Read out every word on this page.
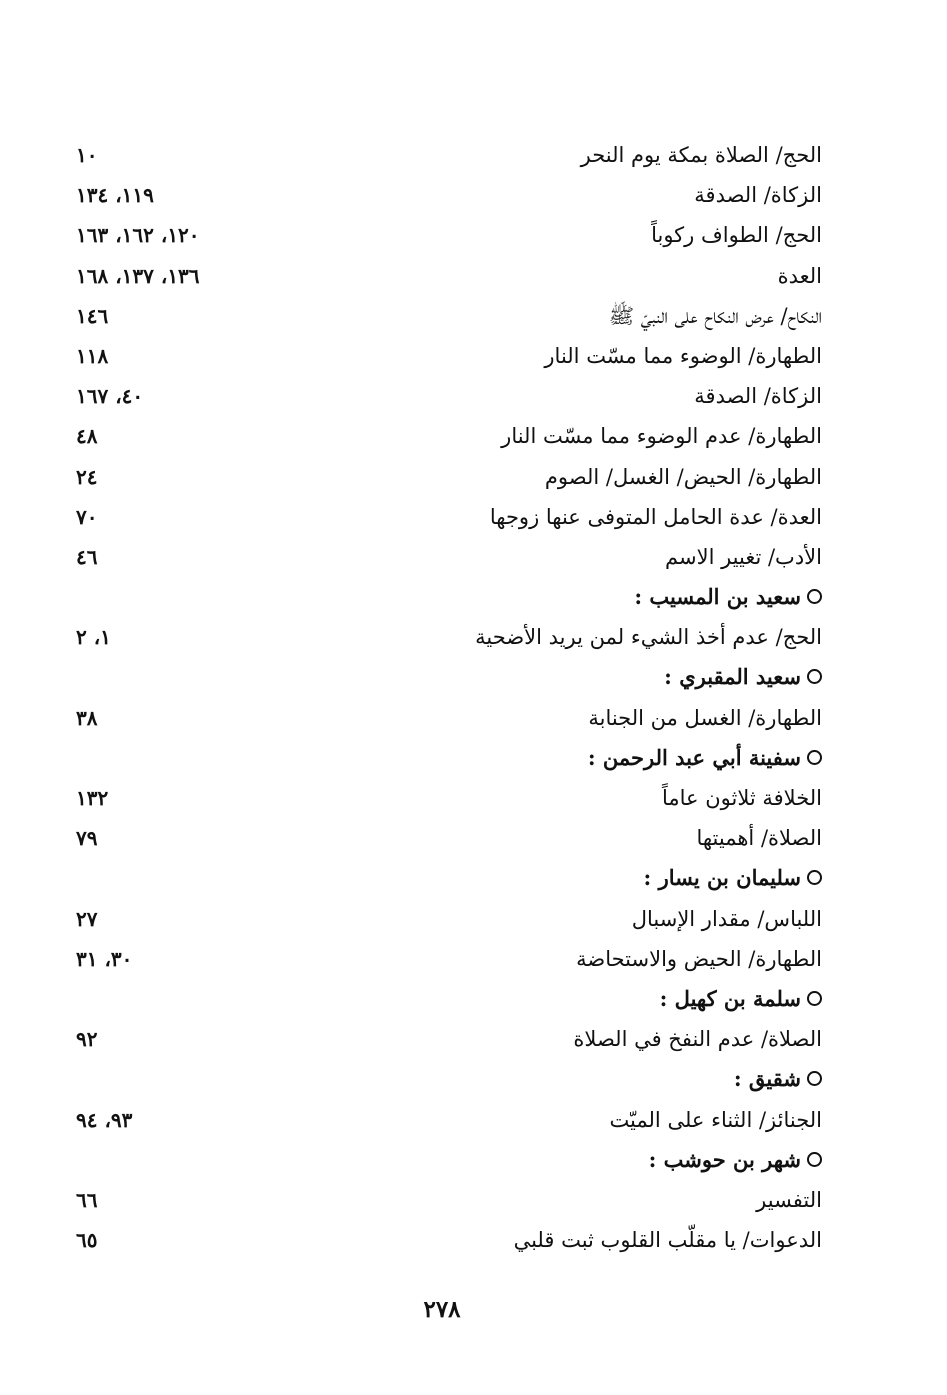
الحج/ الصلاة بمكة يوم النحر
١٠
الزكاة/ الصدقة
١١٩، ١٣٤
الحج/ الطواف ركوباً
١٢٠، ١٦٢، ١٦٣
العدة
١٣٦، ١٣٧، ١٦٨
النكاح/ عرض النكاح على النبيّ ﷺ
١٤٦
الطهارة/ الوضوء مما مسّت النار
١١٨
الزكاة/ الصدقة
٤٠، ١٦٧
الطهارة/ عدم الوضوء مما مسّت النار
٤٨
الطهارة/ الحيض/ الغسل/ الصوم
٢٤
العدة/ عدة الحامل المتوفى عنها زوجها
٧٠
الأدب/ تغيير الاسم
٤٦
سعيد بن المسيب :
الحج/ عدم أخذ الشيء لمن يريد الأضحية
١، ٢
سعيد المقبري :
الطهارة/ الغسل من الجنابة
٣٨
سفينة أبي عبد الرحمن :
الخلافة ثلاثون عاماً
١٣٢
الصلاة/ أهميتها
٧٩
سليمان بن يسار :
اللباس/ مقدار الإسبال
٢٧
الطهارة/ الحيض والاستحاضة
٣٠، ٣١
سلمة بن كهيل :
الصلاة/ عدم النفخ في الصلاة
٩٢
شقيق :
الجنائز/ الثناء على الميّت
٩٣، ٩٤
شهر بن حوشب :
التفسير
٦٦
الدعوات/ يا مقلّب القلوب ثبت قلبي
٦٥
٢٧٨
